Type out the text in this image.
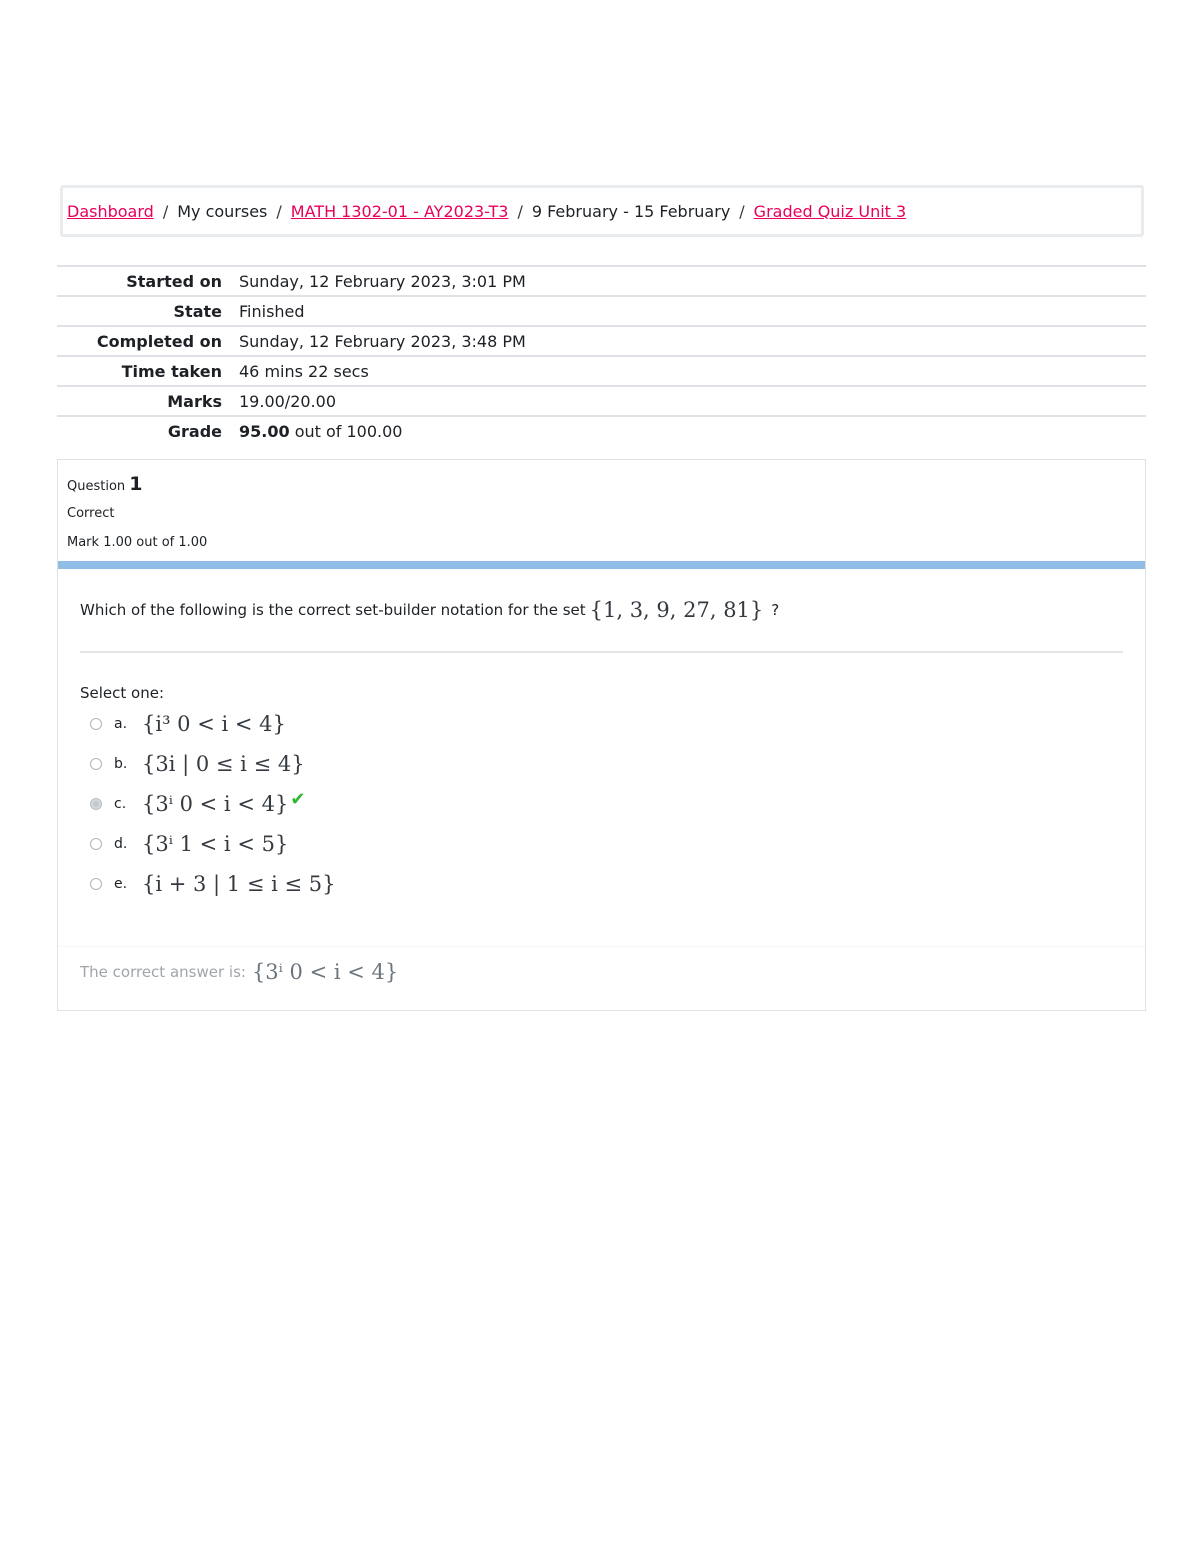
Dashboard / My courses / MATH 1302-01 - AY2023-T3 / 9 February - 15 February / Graded Quiz Unit 3
Started on	Sunday, 12 February 2023, 3:01 PM
State	Finished
Completed on	Sunday, 12 February 2023, 3:48 PM
Time taken	46 mins 22 secs
Marks	19.00/20.00
Grade	95.00 out of 100.00
Question 1
Correct
Mark 1.00 out of 1.00
Which of the following is the correct set-builder notation for the set {1, 3, 9, 27, 81} ?
Select one:
a. {i³ 0 < i < 4}
b. {3i | 0 ≤ i ≤ 4}
c. {3ⁱ 0 < i < 4} ✔
d. {3ⁱ 1 < i < 5}
e. {i + 3 | 1 ≤ i ≤ 5}
The correct answer is: {3ⁱ 0 < i < 4}
